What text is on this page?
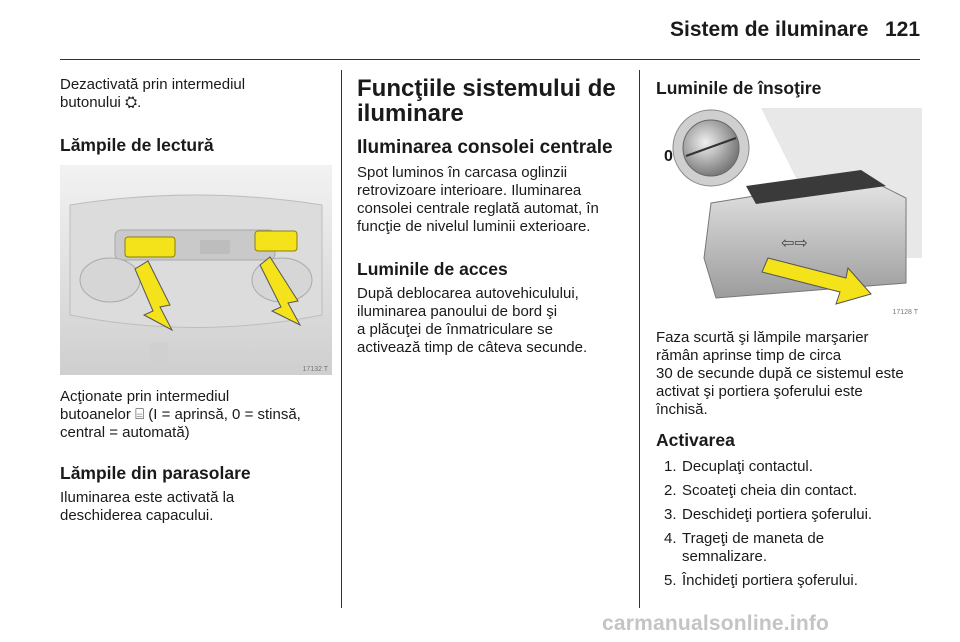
Sistem de iluminare 121
Dezactivată prin intermediul
butonului ⛭.
Lămpile de lectură
17132 T
Acţionate prin intermediul
butoanelor ⌸ (I = aprinsă, 0 = stinsă,
central = automată)
Lămpile din parasolare
Iluminarea este activată la
deschiderea capacului.
Funcţiile sistemului de
iluminare
Iluminarea consolei centrale
Spot luminos în carcasa oglinzii
retrovizoare interioare. Iluminarea
consolei centrale reglată automat, în
funcţie de nivelul luminii exterioare.
Luminile de acces
După deblocarea autovehiculului,
iluminarea panoului de bord şi
a plăcuţei de înmatriculare se
activează timp de câteva secunde.
Luminile de însoţire
⇦⇨
0
17128 T
Faza scurtă şi lămpile marşarier
rămân aprinse timp de circa
30 de secunde după ce sistemul este
activat şi portiera şoferului este
închisă.
Activarea
1. Decuplaţi contactul.
2. Scoateţi cheia din contact.
3. Deschideţi portiera şoferului.
4. Trageţi de maneta de
semnalizare.
5. Închideţi portiera şoferului.
carmanualsonline.info
